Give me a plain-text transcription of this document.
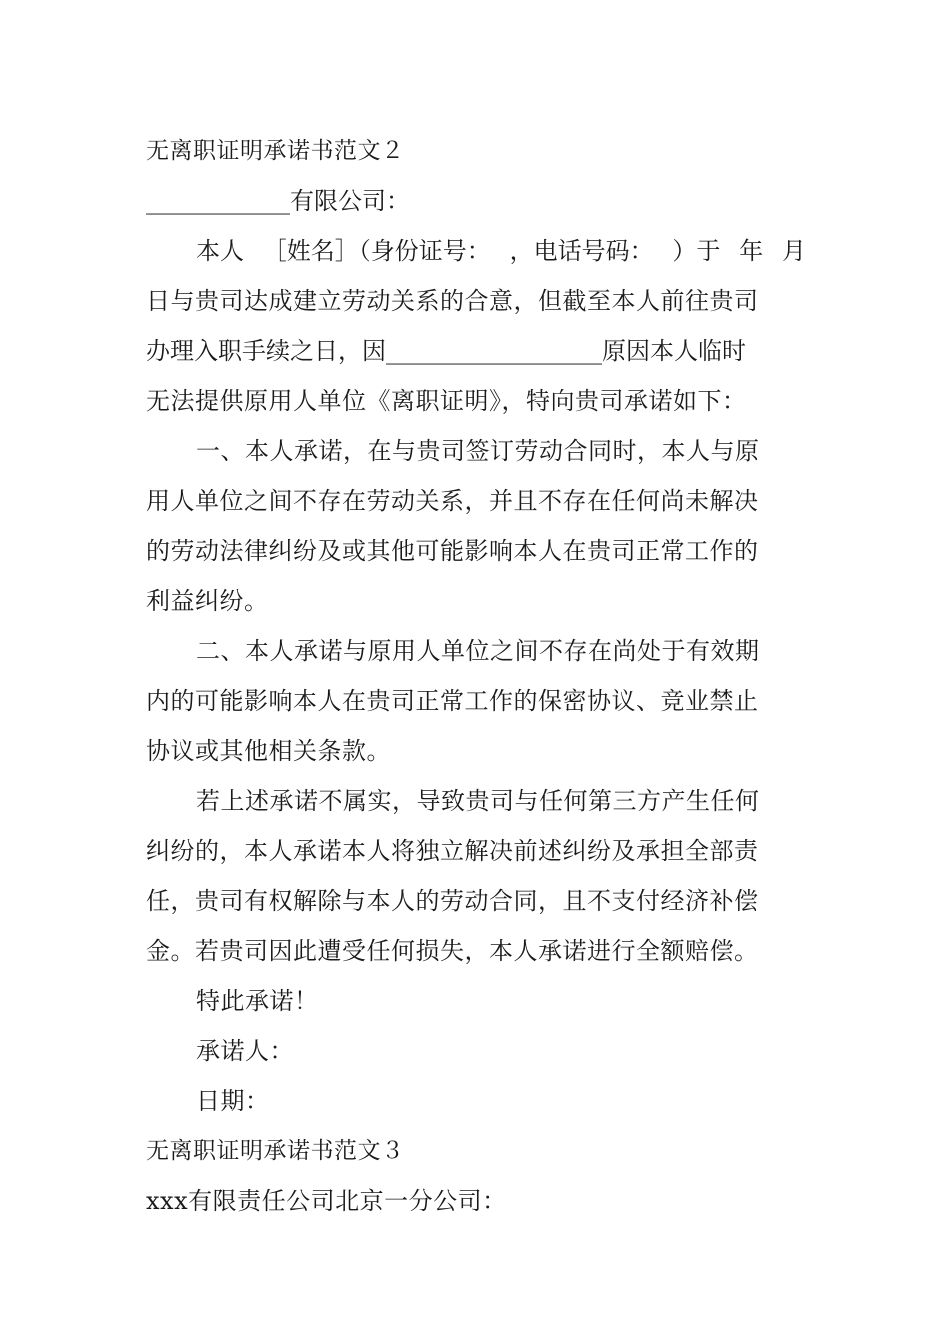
无离职证明承诺书范文２
____________有限公司：
本人 ［姓名］（身份证号： ，电话号码： ）于 年 月
日与贵司达成建立劳动关系的合意，但截至本人前往贵司
办理入职手续之日，因__________________原因本人临时
无法提供原用人单位《离职证明》，特向贵司承诺如下：
一、本人承诺，在与贵司签订劳动合同时，本人与原
用人单位之间不存在劳动关系，并且不存在任何尚未解决
的劳动法律纠纷及或其他可能影响本人在贵司正常工作的
利益纠纷。
二、本人承诺与原用人单位之间不存在尚处于有效期
内的可能影响本人在贵司正常工作的保密协议、竞业禁止
协议或其他相关条款。
若上述承诺不属实，导致贵司与任何第三方产生任何
纠纷的，本人承诺本人将独立解决前述纠纷及承担全部责
任，贵司有权解除与本人的劳动合同，且不支付经济补偿
金。若贵司因此遭受任何损失，本人承诺进行全额赔偿。
特此承诺！
承诺人：
日期：
无离职证明承诺书范文３
xxx有限责任公司北京一分公司：
